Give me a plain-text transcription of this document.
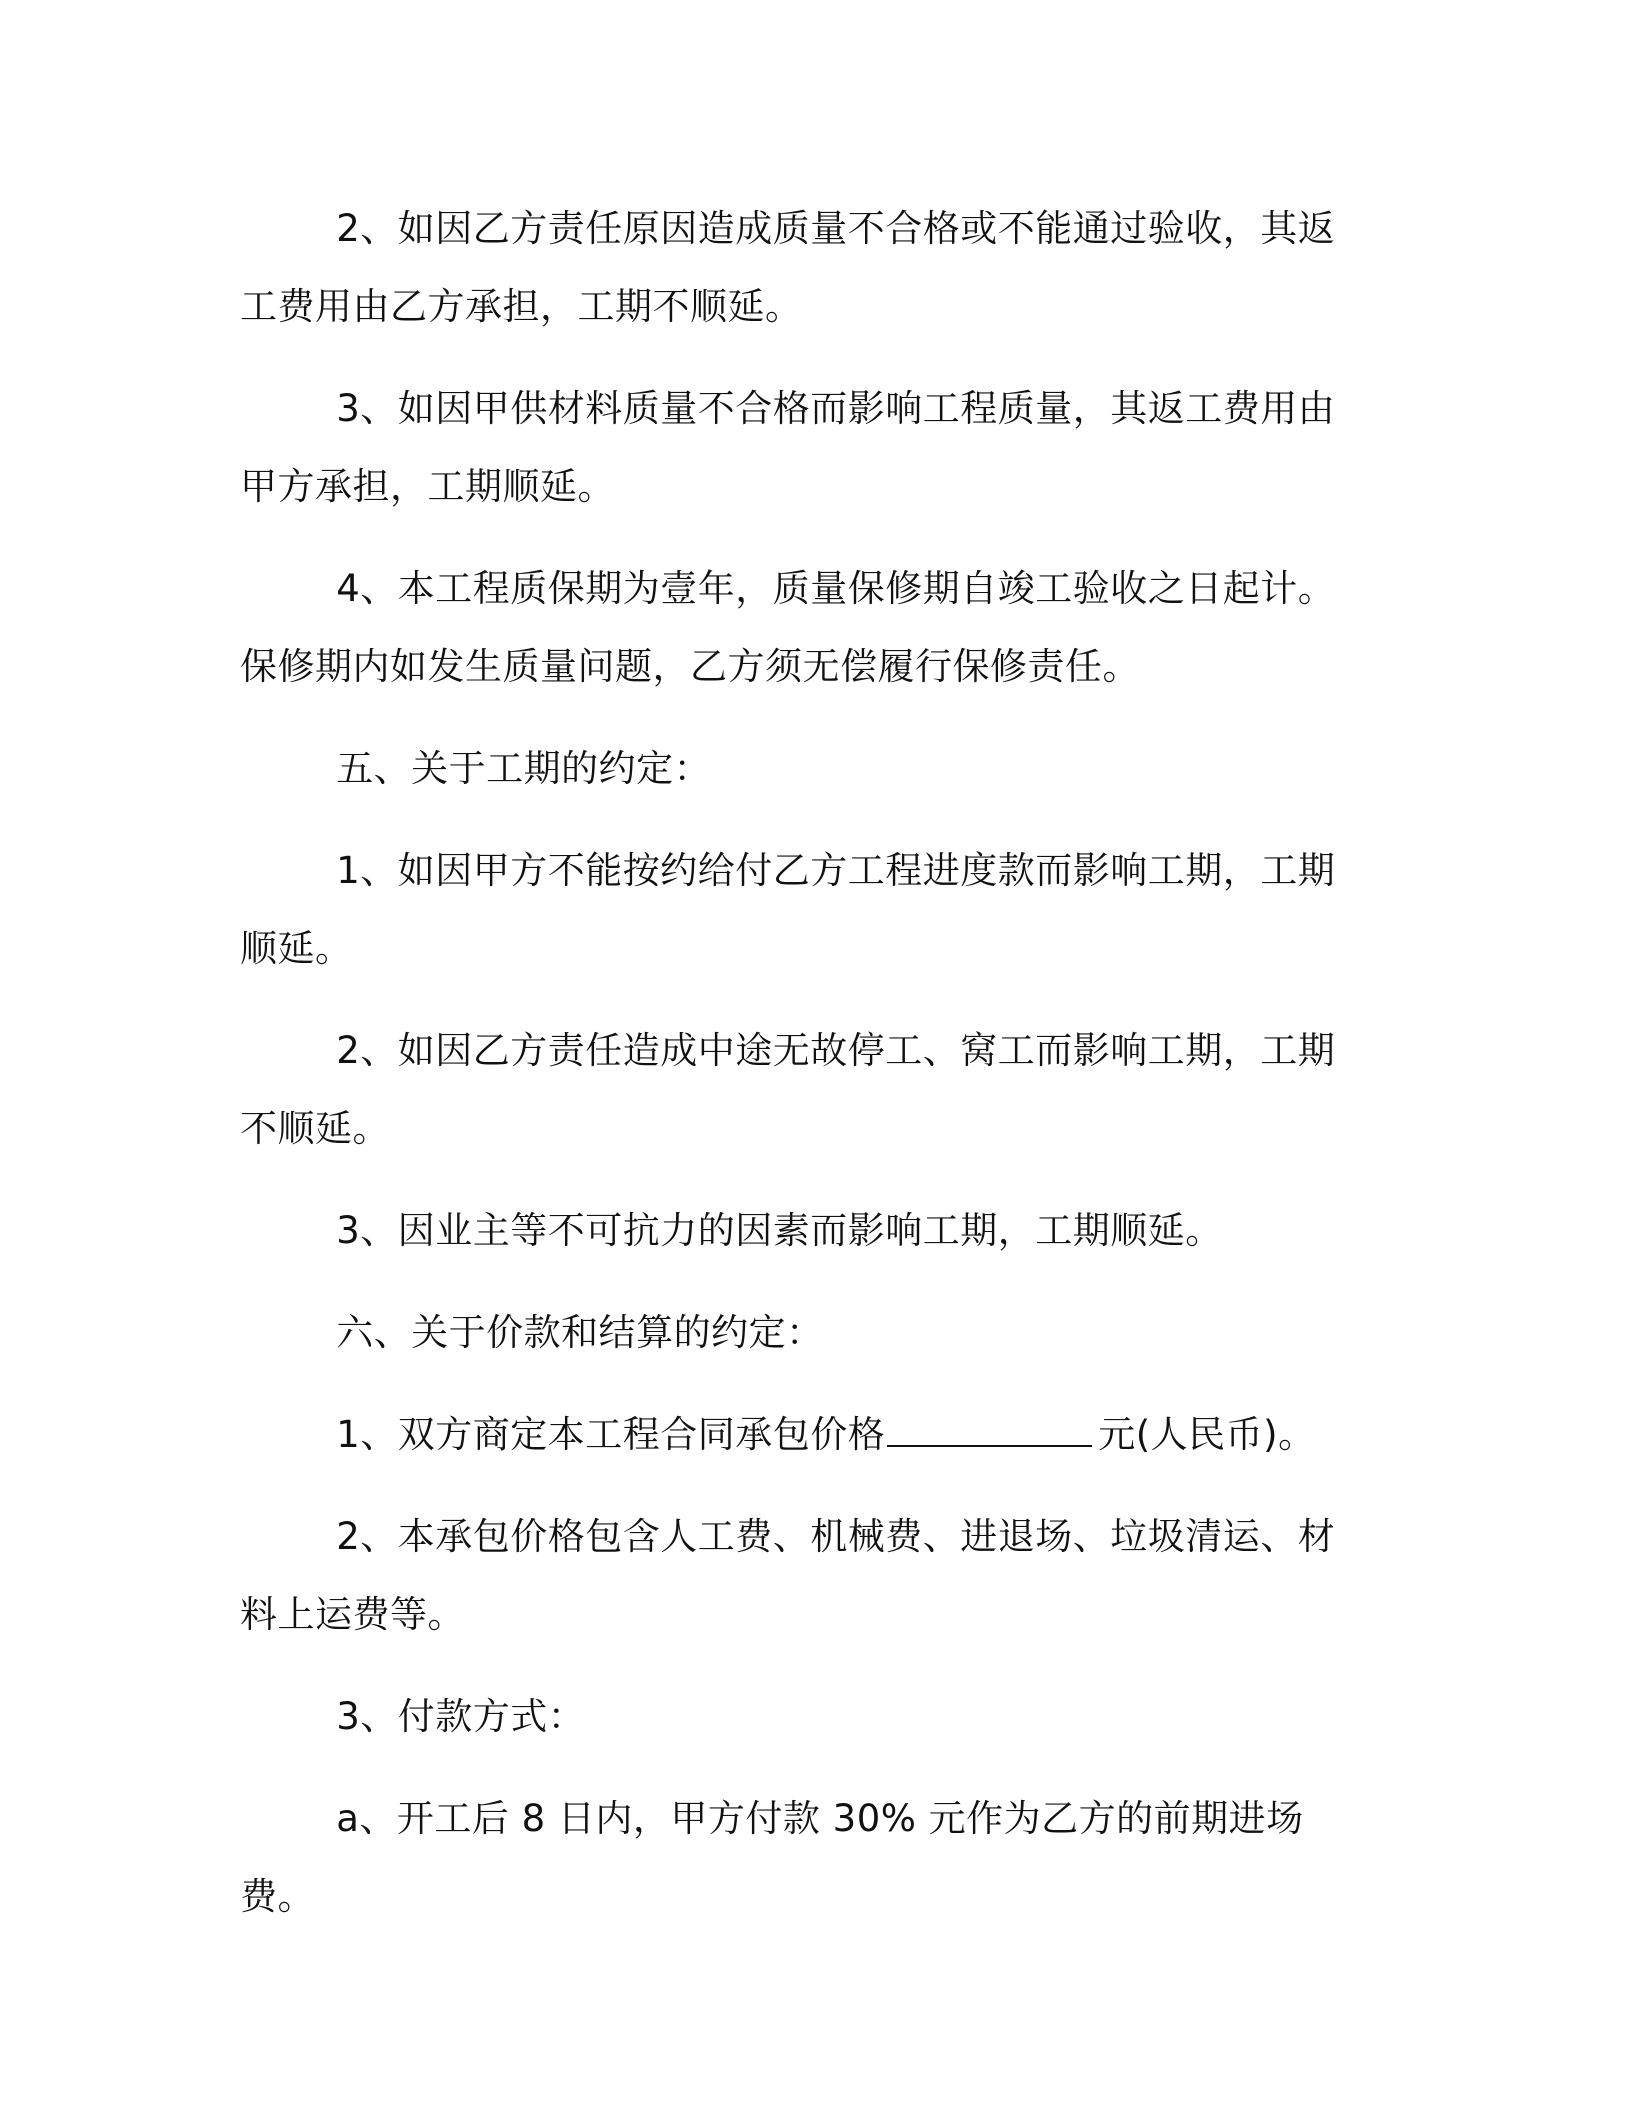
2、如因乙方责任原因造成质量不合格或不能通过验收，其返工费用由乙方承担，工期不顺延。

3、如因甲供材料质量不合格而影响工程质量，其返工费用由甲方承担，工期顺延。

4、本工程质保期为壹年，质量保修期自竣工验收之日起计。保修期内如发生质量问题，乙方须无偿履行保修责任。

五、关于工期的约定：

1、如因甲方不能按约给付乙方工程进度款而影响工期，工期顺延。

2、如因乙方责任造成中途无故停工、窝工而影响工期，工期不顺延。

3、因业主等不可抗力的因素而影响工期，工期顺延。

六、关于价款和结算的约定：

1、双方商定本工程合同承包价格	元(人民币)。

2、本承包价格包含人工费、机械费、进退场、垃圾清运、材料上运费等。

3、付款方式：

a、开工后 8 日内，甲方付款 30% 元作为乙方的前期进场费。
